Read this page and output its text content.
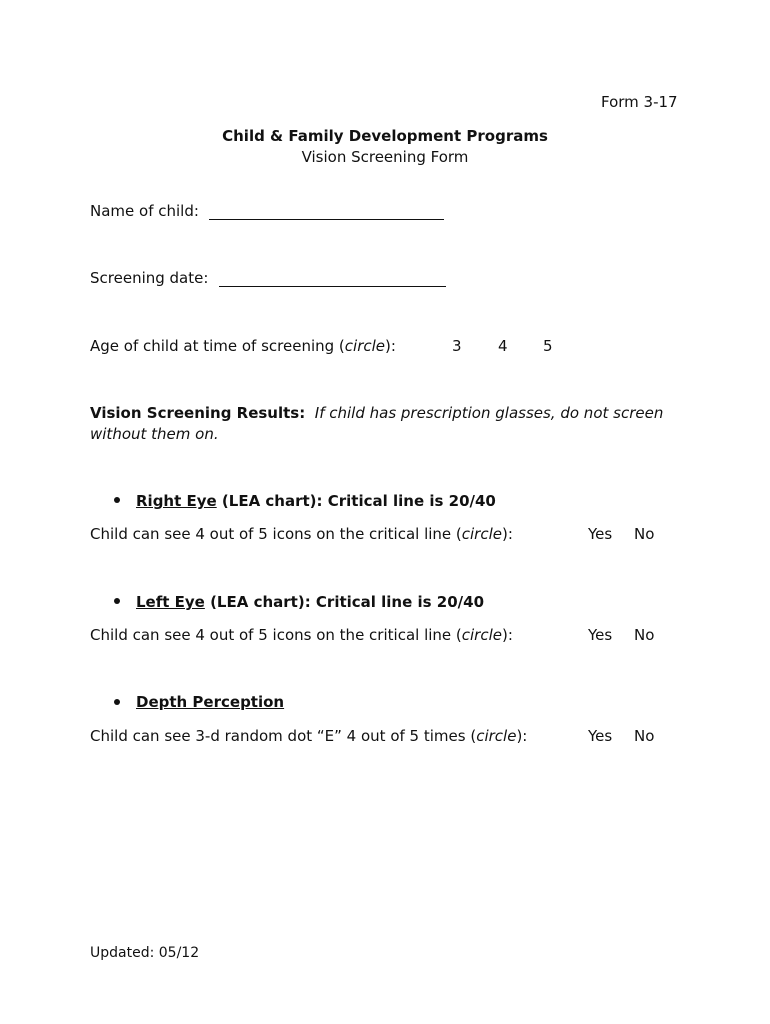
Form 3-17
Child & Family Development Programs
Vision Screening Form
Name of child:
Screening date:
Age of child at time of screening (circle):	3 4 5
Vision Screening Results: If child has prescription glasses, do not screen
without them on.
Right Eye (LEA chart): Critical line is 20/40
Child can see 4 out of 5 icons on the critical line (circle):	Yes No
Left Eye (LEA chart): Critical line is 20/40
Child can see 4 out of 5 icons on the critical line (circle):	Yes No
Depth Perception
Child can see 3-d random dot “E” 4 out of 5 times (circle):	Yes No
Updated: 05/12
